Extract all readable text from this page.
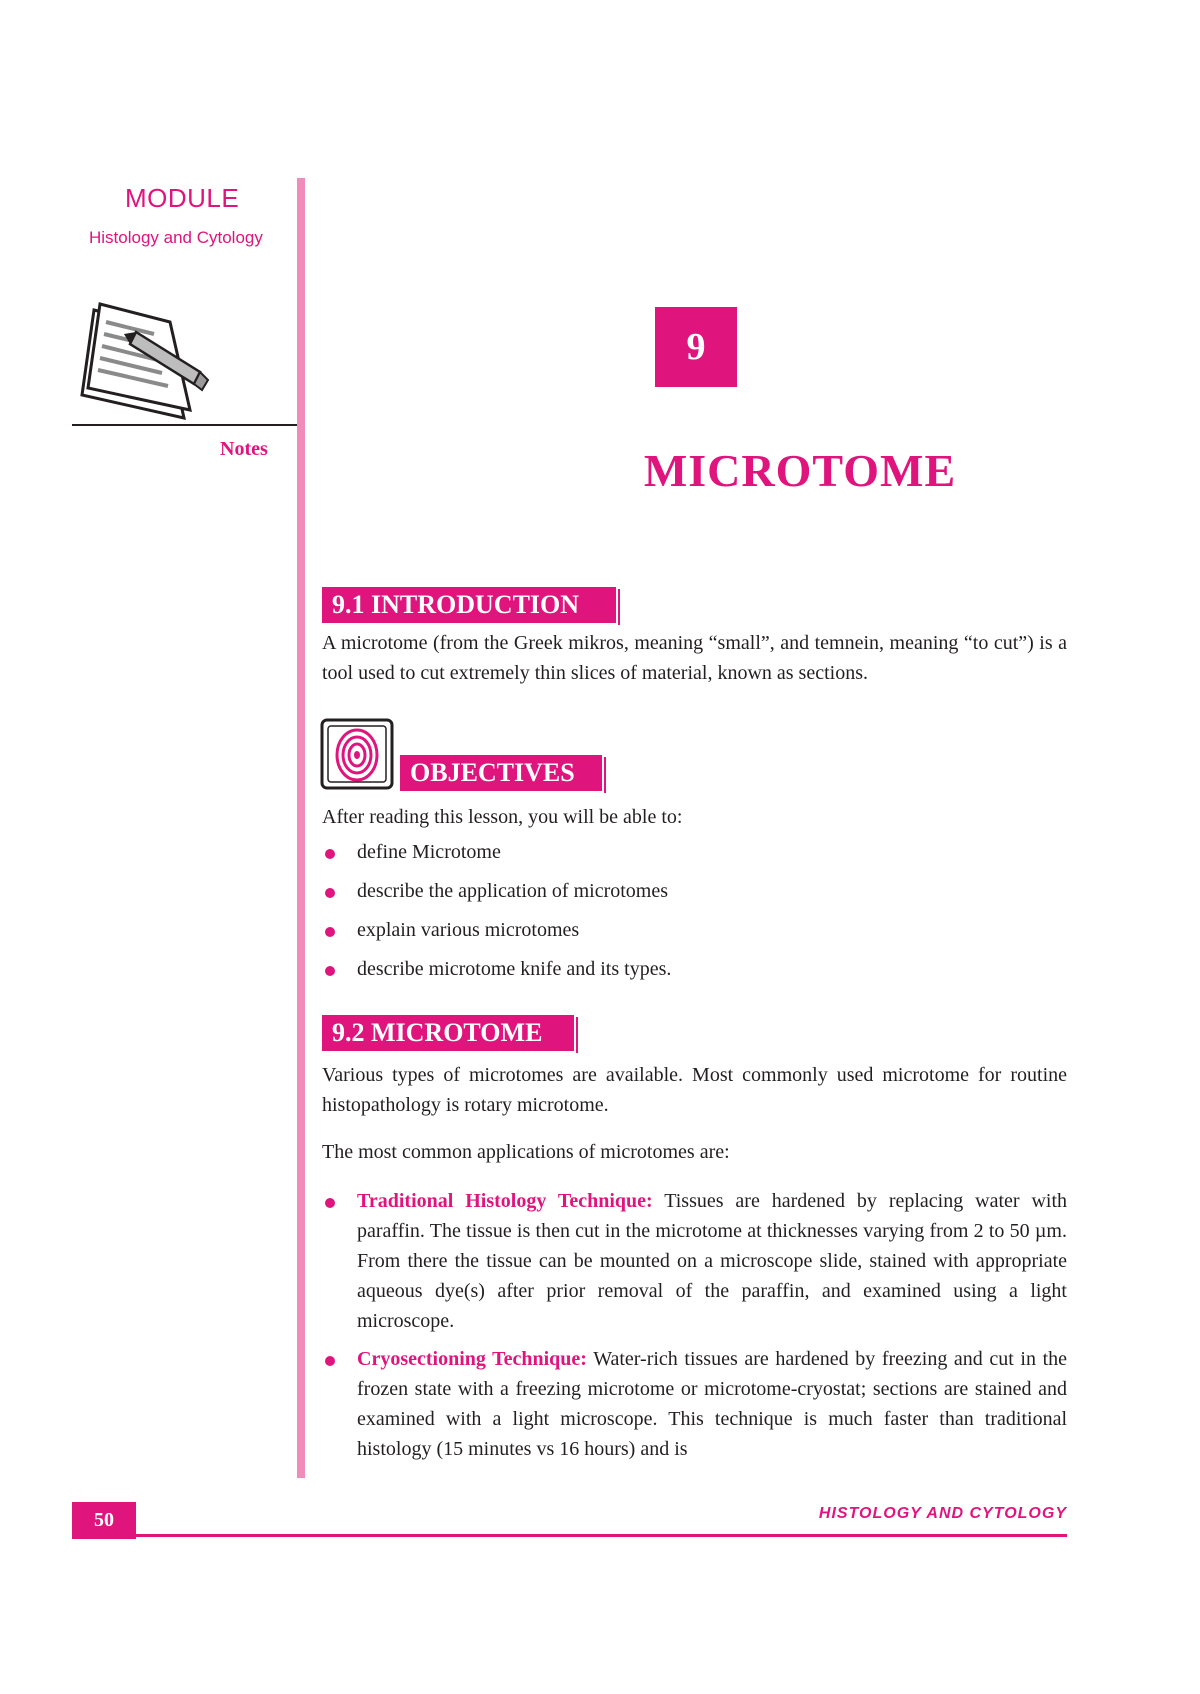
MODULE
Histology and Cytology
Notes
9
MICROTOME
9.1 INTRODUCTION

A microtome (from the Greek mikros, meaning “small”, and temnein, meaning “to cut”) is a tool used to cut extremely thin slices of material, known as sections.

OBJECTIVES

After reading this lesson, you will be able to:

define Microtome
describe the application of microtomes
explain various microtomes
describe microtome knife and its types.
9.2 MICROTOME

Various types of microtomes are available. Most commonly used microtome for routine histopathology is rotary microtome.

The most common applications of microtomes are:

Traditional Histology Technique: Tissues are hardened by replacing water with paraffin. The tissue is then cut in the microtome at thicknesses varying from 2 to 50 µm. From there the tissue can be mounted on a microscope slide, stained with appropriate aqueous dye(s) after prior removal of the paraffin, and examined using a light microscope.
Cryosectioning Technique: Water-rich tissues are hardened by freezing and cut in the frozen state with a freezing microtome or microtome-cryostat; sections are stained and examined with a light microscope. This technique is much faster than traditional histology (15 minutes vs 16 hours) and is
50	HISTOLOGY AND CYTOLOGY
